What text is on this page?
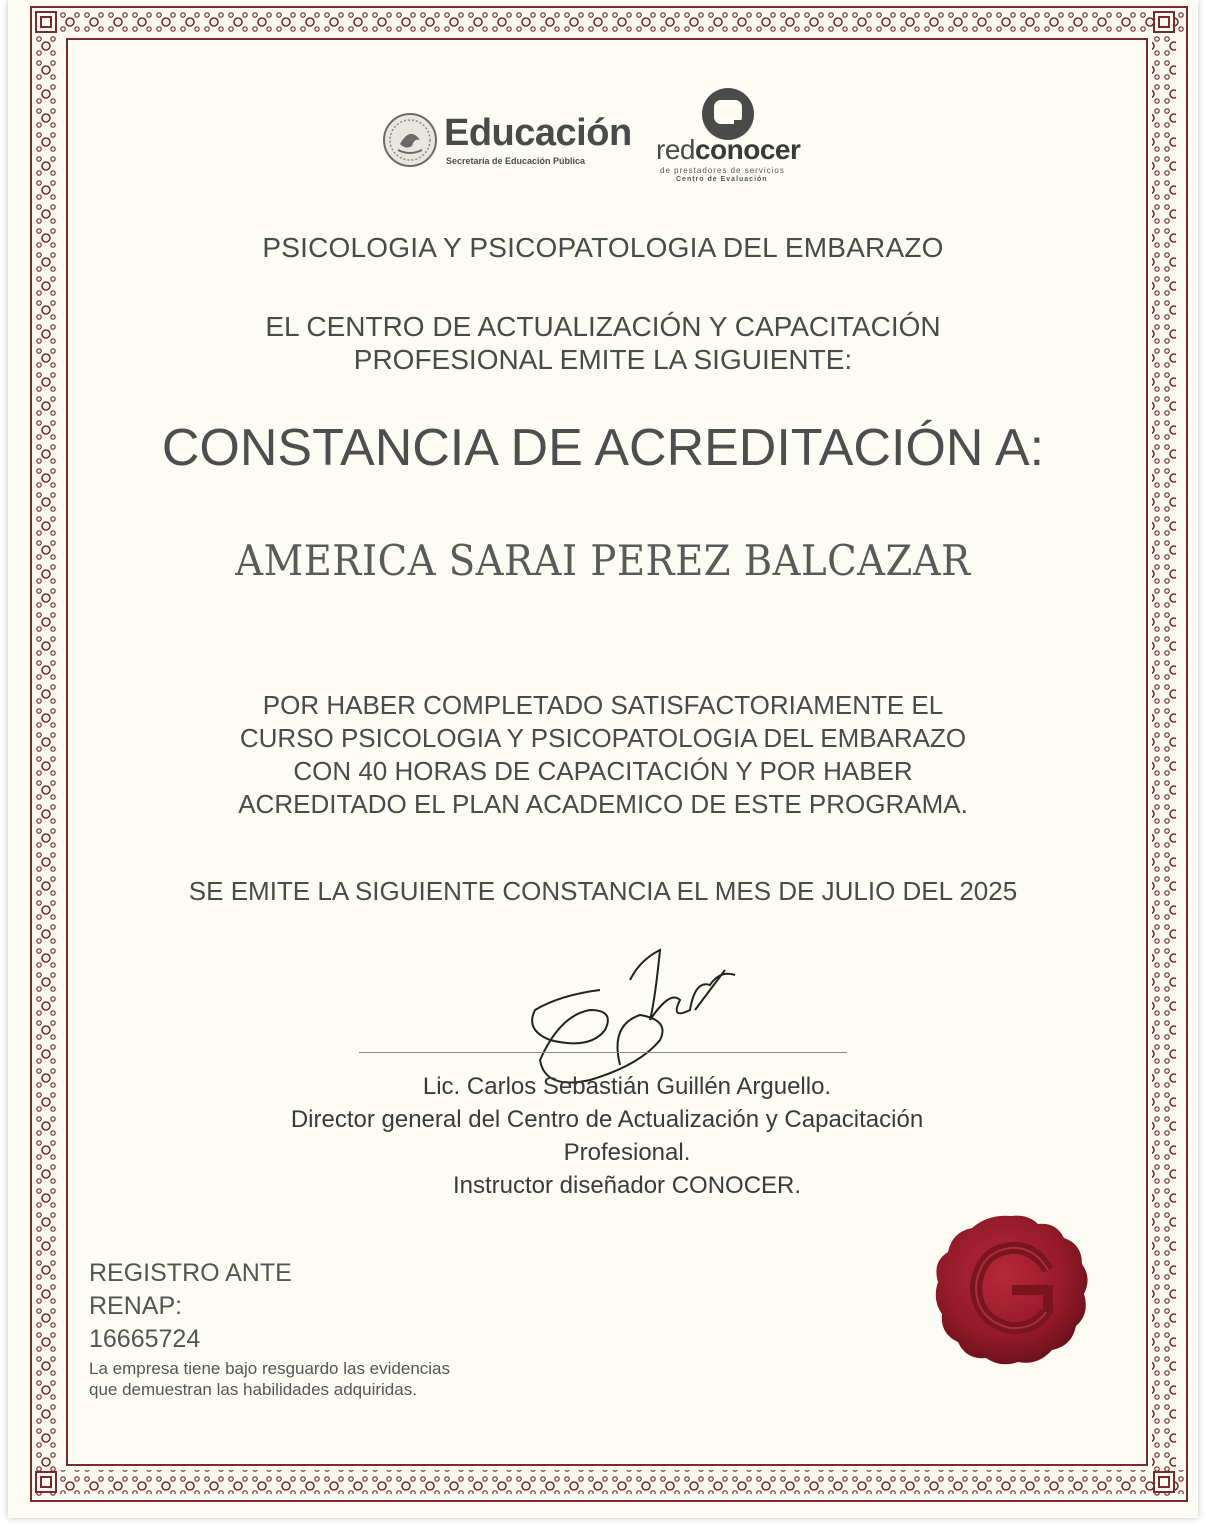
Educación
Secretaría de Educación Pública	redconocer
de prestadores de servicios
Centro de Evaluación
PSICOLOGIA Y PSICOPATOLOGIA DEL EMBARAZO
EL CENTRO DE ACTUALIZACIÓN Y CAPACITACIÓN
PROFESIONAL EMITE LA SIGUIENTE:
CONSTANCIA DE ACREDITACIÓN A:
AMERICA SARAI PEREZ BALCAZAR
POR HABER COMPLETADO SATISFACTORIAMENTE EL
CURSO PSICOLOGIA Y PSICOPATOLOGIA DEL EMBARAZO
CON 40 HORAS DE CAPACITACIÓN Y POR HABER
ACREDITADO EL PLAN ACADEMICO DE ESTE PROGRAMA.
SE EMITE LA SIGUIENTE CONSTANCIA EL MES DE JULIO DEL 2025
Lic. Carlos Sebastián Guillén Arguello.
Director general del Centro de Actualización y Capacitación
Profesional.
Instructor diseñador CONOCER.
REGISTRO ANTE
RENAP:
16665724
La empresa tiene bajo resguardo las evidencias
que demuestran las habilidades adquiridas.
